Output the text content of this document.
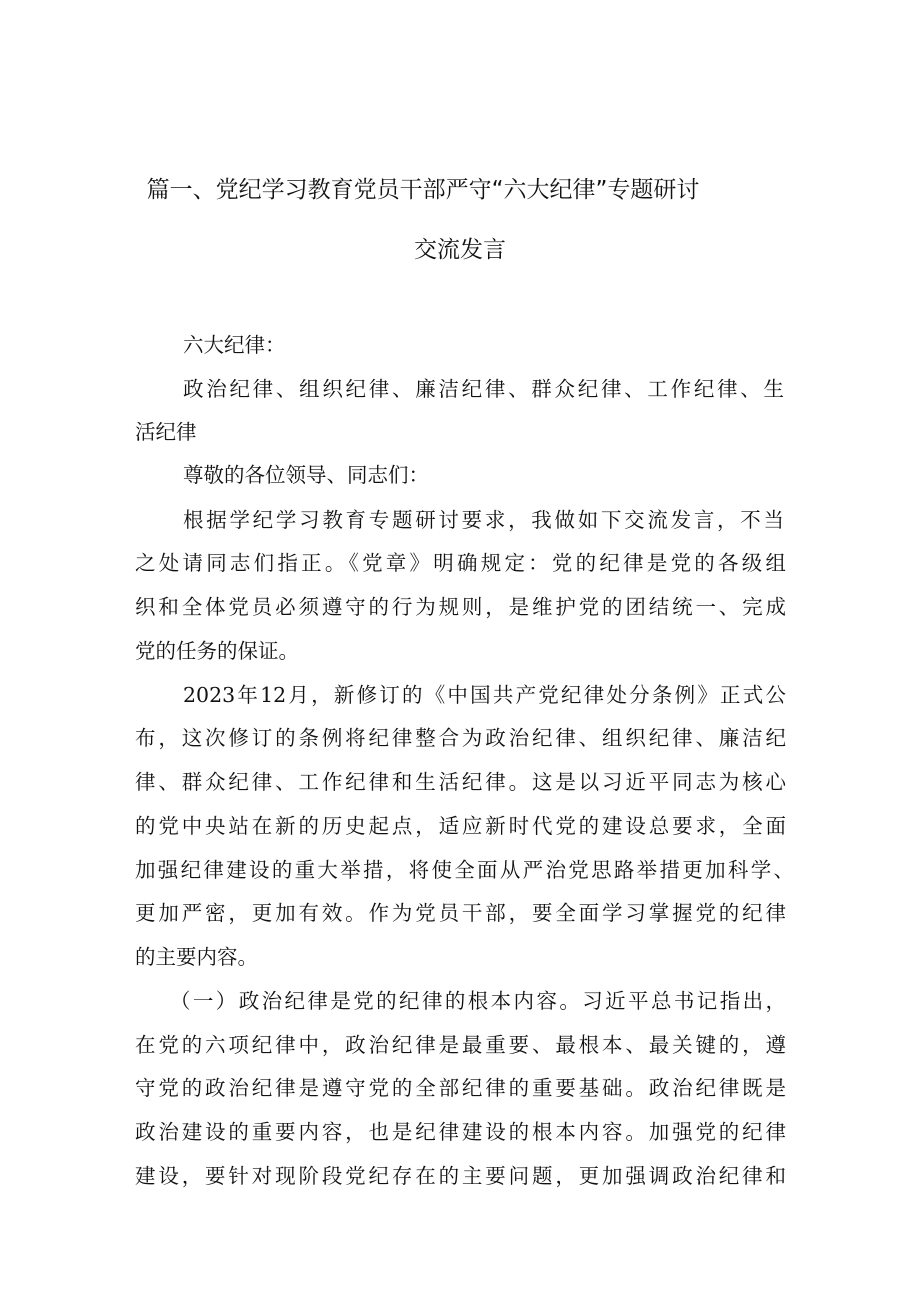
篇一、党纪学习教育党员干部严守“六大纪律”专题研讨
交流发言
六大纪律：
政治纪律、组织纪律、廉洁纪律、群众纪律、工作纪律、生
活纪律
尊敬的各位领导、同志们：
根据学纪学习教育专题研讨要求，我做如下交流发言，不当
之处请同志们指正。《党章》明确规定：党的纪律是党的各级组
织和全体党员必须遵守的行为规则，是维护党的团结统一、完成
党的任务的保证。
2023年12月，新修订的《中国共产党纪律处分条例》正式公
布，这次修订的条例将纪律整合为政治纪律、组织纪律、廉洁纪
律、群众纪律、工作纪律和生活纪律。这是以习近平同志为核心
的党中央站在新的历史起点，适应新时代党的建设总要求，全面
加强纪律建设的重大举措，将使全面从严治党思路举措更加科学、
更加严密，更加有效。作为党员干部，要全面学习掌握党的纪律
的主要内容。
（一）政治纪律是党的纪律的根本内容。习近平总书记指出，
在党的六项纪律中，政治纪律是最重要、最根本、最关键的，遵
守党的政治纪律是遵守党的全部纪律的重要基础。政治纪律既是
政治建设的重要内容，也是纪律建设的根本内容。加强党的纪律
建设，要针对现阶段党纪存在的主要问题，更加强调政治纪律和
